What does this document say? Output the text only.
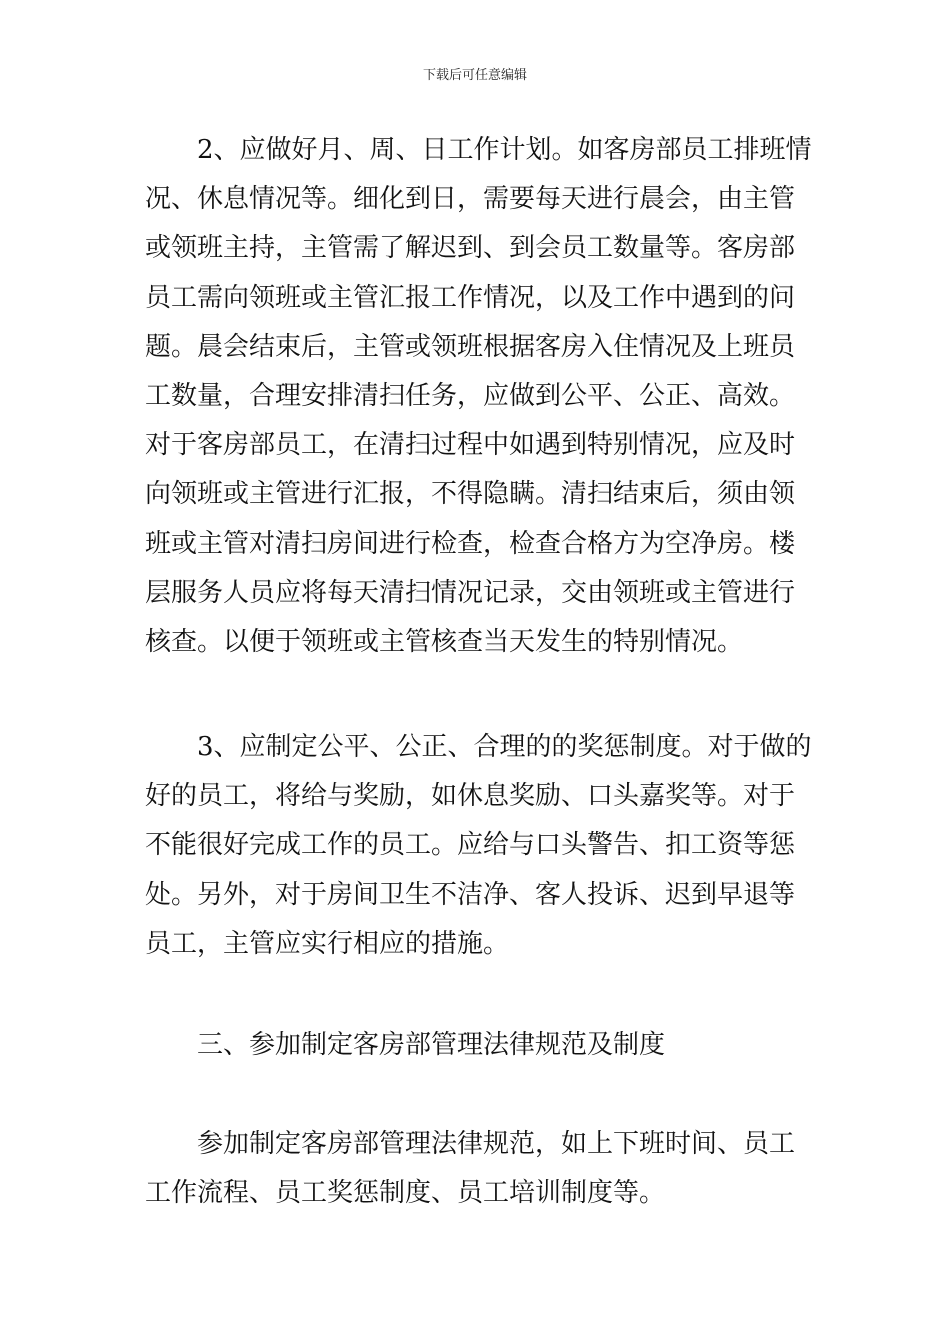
下载后可任意编辑
2、应做好月、周、日工作计划。如客房部员工排班情
况、休息情况等。细化到日，需要每天进行晨会，由主管
或领班主持，主管需了解迟到、到会员工数量等。客房部
员工需向领班或主管汇报工作情况，以及工作中遇到的问
题。晨会结束后，主管或领班根据客房入住情况及上班员
工数量，合理安排清扫任务，应做到公平、公正、高效。
对于客房部员工，在清扫过程中如遇到特别情况，应及时
向领班或主管进行汇报，不得隐瞒。清扫结束后，须由领
班或主管对清扫房间进行检查，检查合格方为空净房。楼
层服务人员应将每天清扫情况记录，交由领班或主管进行
核查。以便于领班或主管核查当天发生的特别情况。
3、应制定公平、公正、合理的的奖惩制度。对于做的
好的员工，将给与奖励，如休息奖励、口头嘉奖等。对于
不能很好完成工作的员工。应给与口头警告、扣工资等惩
处。另外，对于房间卫生不洁净、客人投诉、迟到早退等
员工，主管应实行相应的措施。
三、参加制定客房部管理法律规范及制度
参加制定客房部管理法律规范，如上下班时间、员工
工作流程、员工奖惩制度、员工培训制度等。
